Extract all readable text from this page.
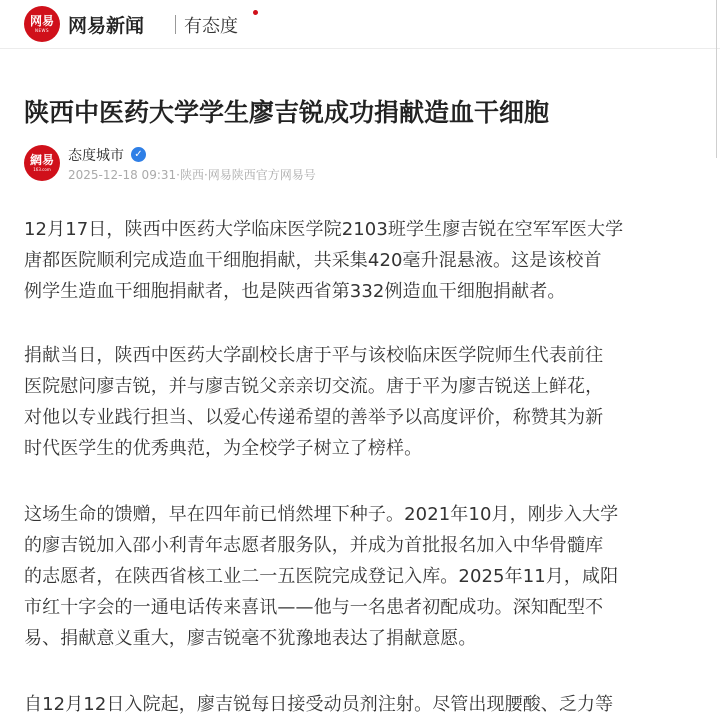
网易
NEWS 网易新闻 有态度
陕西中医药大学学生廖吉锐成功捐献造血干细胞
網易
163.com
态度城市	✓
2025-12-18 09:31·陕西·网易陕西官方网易号

12月17日，陕西中医药大学临床医学院2103班学生廖吉锐在空军军医大学
唐都医院顺利完成造血干细胞捐献，共采集420毫升混悬液。这是该校首
例学生造血干细胞捐献者，也是陕西省第332例造血干细胞捐献者。

捐献当日，陕西中医药大学副校长唐于平与该校临床医学院师生代表前往
医院慰问廖吉锐，并与廖吉锐父亲亲切交流。唐于平为廖吉锐送上鲜花，
对他以专业践行担当、以爱心传递希望的善举予以高度评价，称赞其为新
时代医学生的优秀典范，为全校学子树立了榜样。

这场生命的馈赠，早在四年前已悄然埋下种子。2021年10月，刚步入大学
的廖吉锐加入邵小利青年志愿者服务队，并成为首批报名加入中华骨髓库
的志愿者，在陕西省核工业二一五医院完成登记入库。2025年11月，咸阳
市红十字会的一通电话传来喜讯——他与一名患者初配成功。深知配型不
易、捐献意义重大，廖吉锐毫不犹豫地表达了捐献意愿。

自12月12日入院起，廖吉锐每日接受动员剂注射。尽管出现腰酸、乏力等
